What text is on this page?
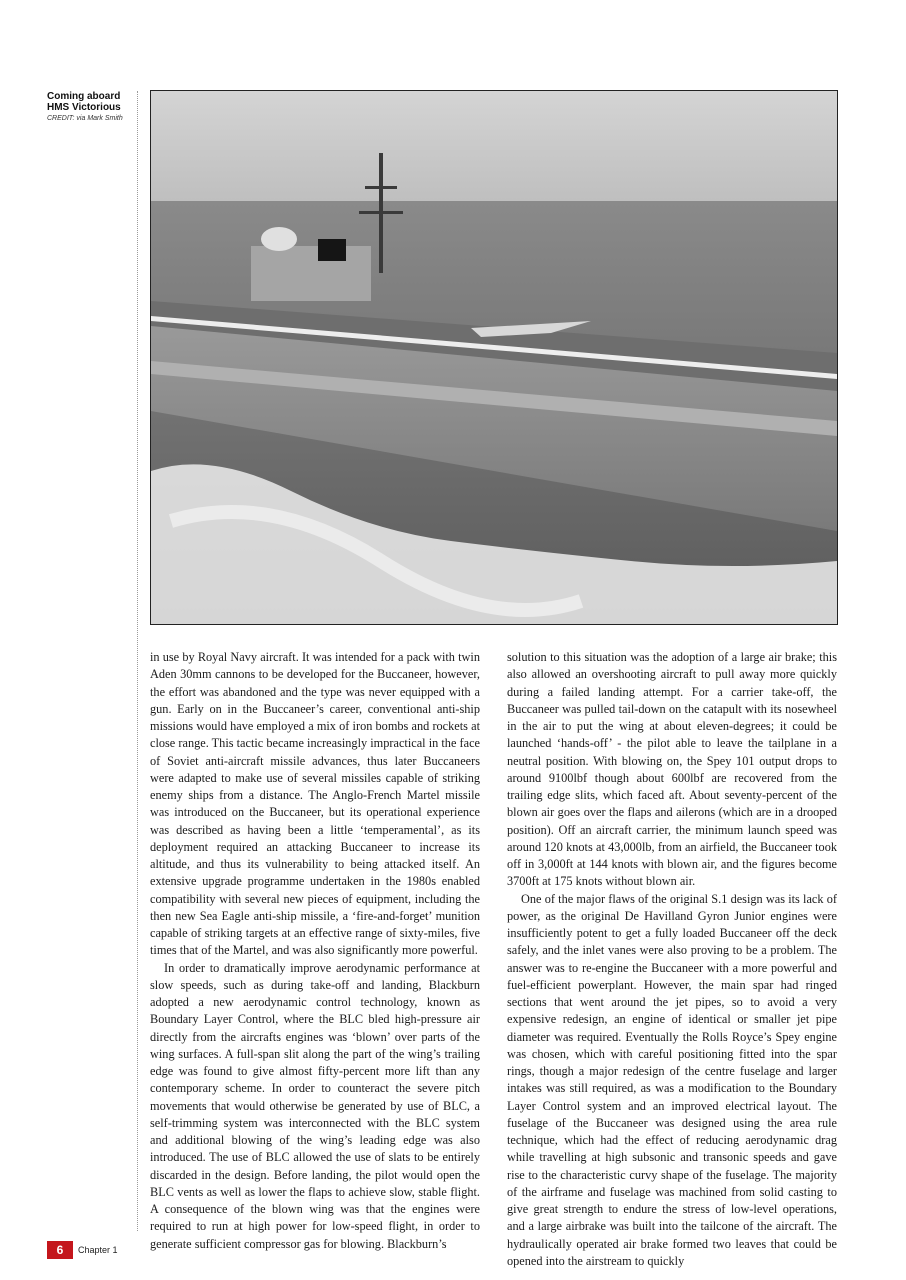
Coming aboard
HMS Victorious
CREDIT: via Mark Smith

in use by Royal Navy aircraft. It was intended for a pack with twin Aden 30mm cannons to be developed for the Buccaneer, however, the effort was abandoned and the type was never equipped with a gun. Early on in the Buccaneer’s career, conventional anti-ship missions would have employed a mix of iron bombs and rockets at close range. This tactic became increasingly impractical in the face of Soviet anti-aircraft missile advances, thus later Buccaneers were adapted to make use of several missiles capable of striking enemy ships from a distance. The Anglo-French Martel missile was introduced on the Buccaneer, but its operational experience was described as having been a little ‘temperamental’, as its deployment required an attacking Buccaneer to increase its altitude, and thus its vulnerability to being attacked itself. An extensive upgrade programme undertaken in the 1980s enabled compatibility with several new pieces of equipment, including the then new Sea Eagle anti-ship missile, a ‘fire-and-forget’ munition capable of striking targets at an effective range of sixty-miles, five times that of the Martel, and was also significantly more powerful.

In order to dramatically improve aerodynamic performance at slow speeds, such as during take-off and landing, Blackburn adopted a new aerodynamic control technology, known as Boundary Layer Control, where the BLC bled high-pressure air directly from the aircrafts engines was ‘blown’ over parts of the wing surfaces. A full-span slit along the part of the wing’s trailing edge was found to give almost fifty-percent more lift than any contemporary scheme. In order to counteract the severe pitch movements that would otherwise be generated by use of BLC, a self-trimming system was interconnected with the BLC system and additional blowing of the wing’s leading edge was also introduced. The use of BLC allowed the use of slats to be entirely discarded in the design. Before landing, the pilot would open the BLC vents as well as lower the flaps to achieve slow, stable flight. A consequence of the blown wing was that the engines were required to run at high power for low-speed flight, in order to generate sufficient compressor gas for blowing. Blackburn’s

solution to this situation was the adoption of a large air brake; this also allowed an overshooting aircraft to pull away more quickly during a failed landing attempt. For a carrier take-off, the Buccaneer was pulled tail-down on the catapult with its nosewheel in the air to put the wing at about eleven-degrees; it could be launched ‘hands-off’ - the pilot able to leave the tailplane in a neutral position. With blowing on, the Spey 101 output drops to around 9100lbf though about 600lbf are recovered from the trailing edge slits, which faced aft. About seventy-percent of the blown air goes over the flaps and ailerons (which are in a drooped position). Off an aircraft carrier, the minimum launch speed was around 120 knots at 43,000lb, from an airfield, the Buccaneer took off in 3,000ft at 144 knots with blown air, and the figures become 3700ft at 175 knots without blown air.

One of the major flaws of the original S.1 design was its lack of power, as the original De Havilland Gyron Junior engines were insufficiently potent to get a fully loaded Buccaneer off the deck safely, and the inlet vanes were also proving to be a problem. The answer was to re-engine the Buccaneer with a more powerful and fuel-efficient powerplant. However, the main spar had ringed sections that went around the jet pipes, so to avoid a very expensive redesign, an engine of identical or smaller jet pipe diameter was required. Eventually the Rolls Royce’s Spey engine was chosen, which with careful positioning fitted into the spar rings, though a major redesign of the centre fuselage and larger intakes was still required, as was a modification to the Boundary Layer Control system and an improved electrical layout. The fuselage of the Buccaneer was designed using the area rule technique, which had the effect of reducing aerodynamic drag while travelling at high subsonic and transonic speeds and gave rise to the characteristic curvy shape of the fuselage. The majority of the airframe and fuselage was machined from solid casting to give great strength to endure the stress of low-level operations, and a large airbrake was built into the tailcone of the aircraft. The hydraulically operated air brake formed two leaves that could be opened into the airstream to quickly

6	Chapter 1
